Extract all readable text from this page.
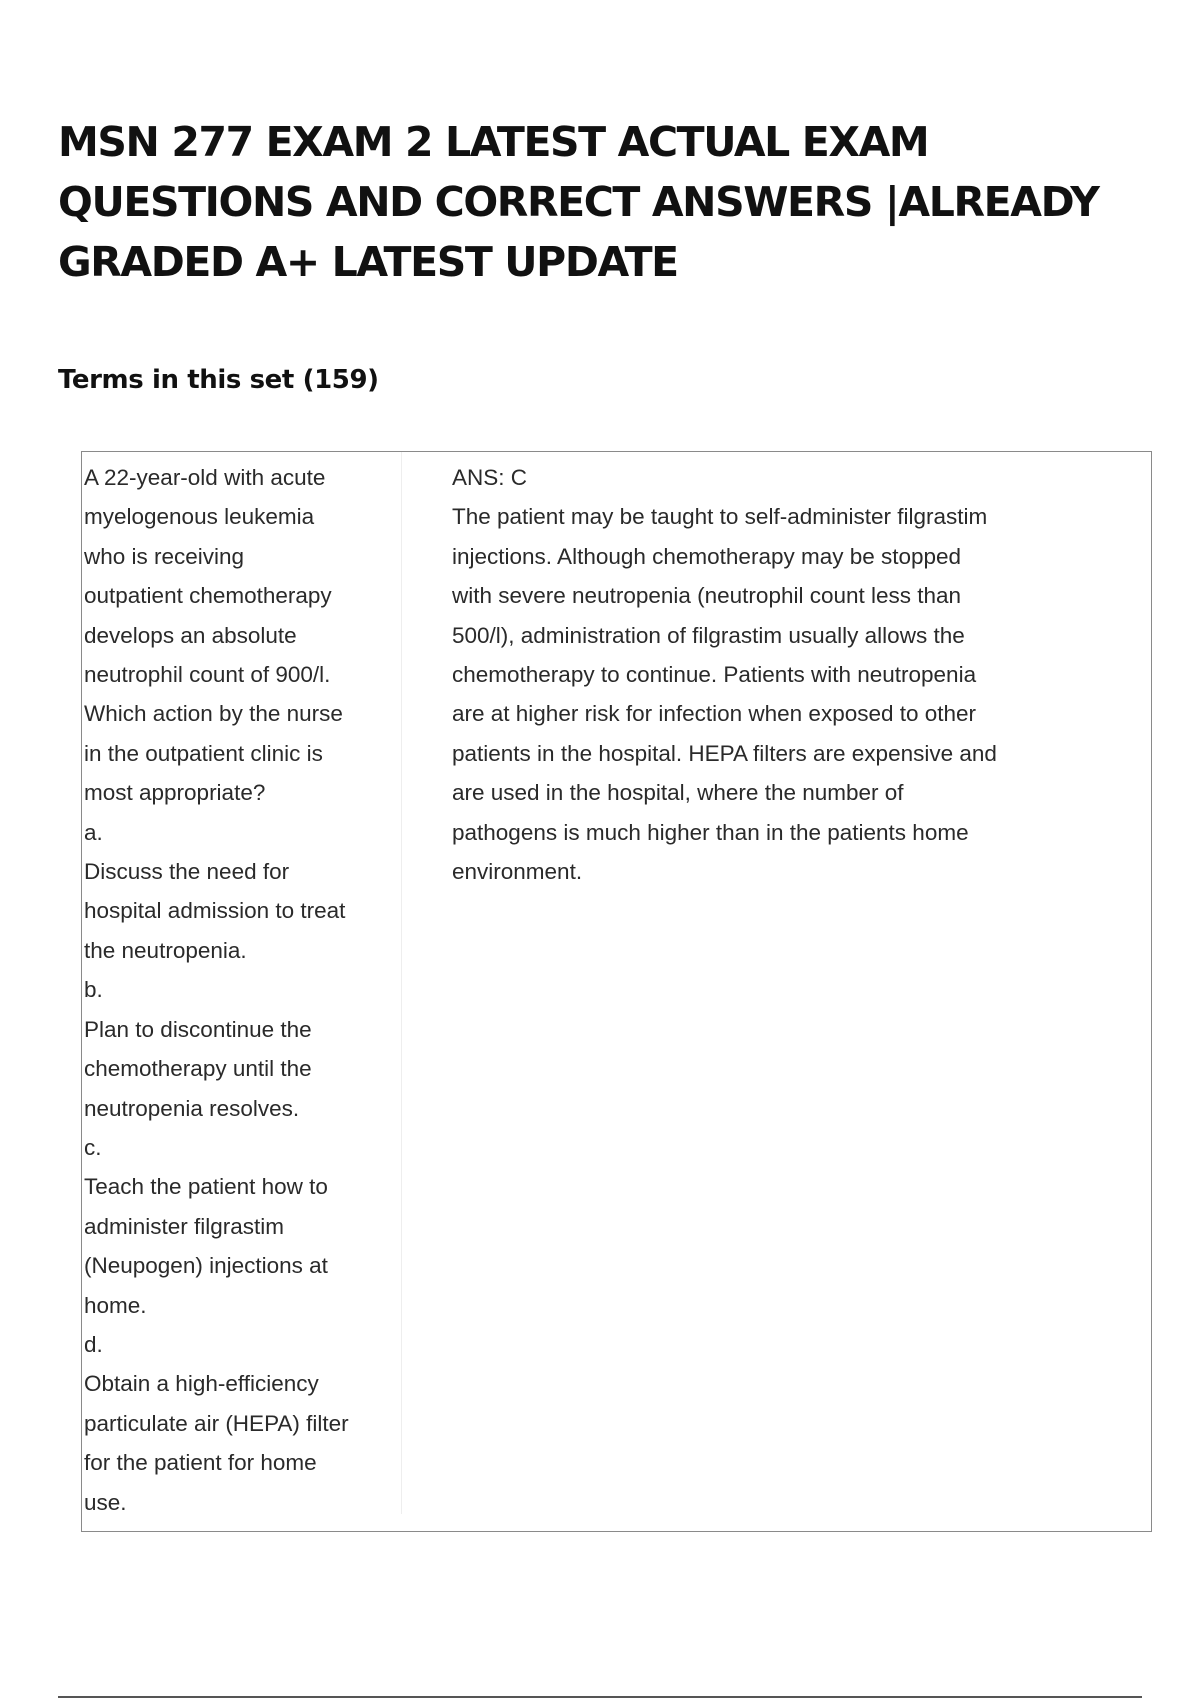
MSN 277 EXAM 2 LATEST ACTUAL EXAM
QUESTIONS AND CORRECT ANSWERS |ALREADY
GRADED A+ LATEST UPDATE
Terms in this set (159)
A 22-year-old with acute
myelogenous leukemia
who is receiving
outpatient chemotherapy
develops an absolute
neutrophil count of 900/l.
Which action by the nurse
in the outpatient clinic is
most appropriate?
a.
Discuss the need for
hospital admission to treat
the neutropenia.
b.
Plan to discontinue the
chemotherapy until the
neutropenia resolves.
c.
Teach the patient how to
administer filgrastim
(Neupogen) injections at
home.
d.
Obtain a high-efficiency
particulate air (HEPA) filter
for the patient for home
use.
ANS: C
The patient may be taught to self-administer filgrastim
injections. Although chemotherapy may be stopped
with severe neutropenia (neutrophil count less than
500/l), administration of filgrastim usually allows the
chemotherapy to continue. Patients with neutropenia
are at higher risk for infection when exposed to other
patients in the hospital. HEPA filters are expensive and
are used in the hospital, where the number of
pathogens is much higher than in the patients home
environment.
